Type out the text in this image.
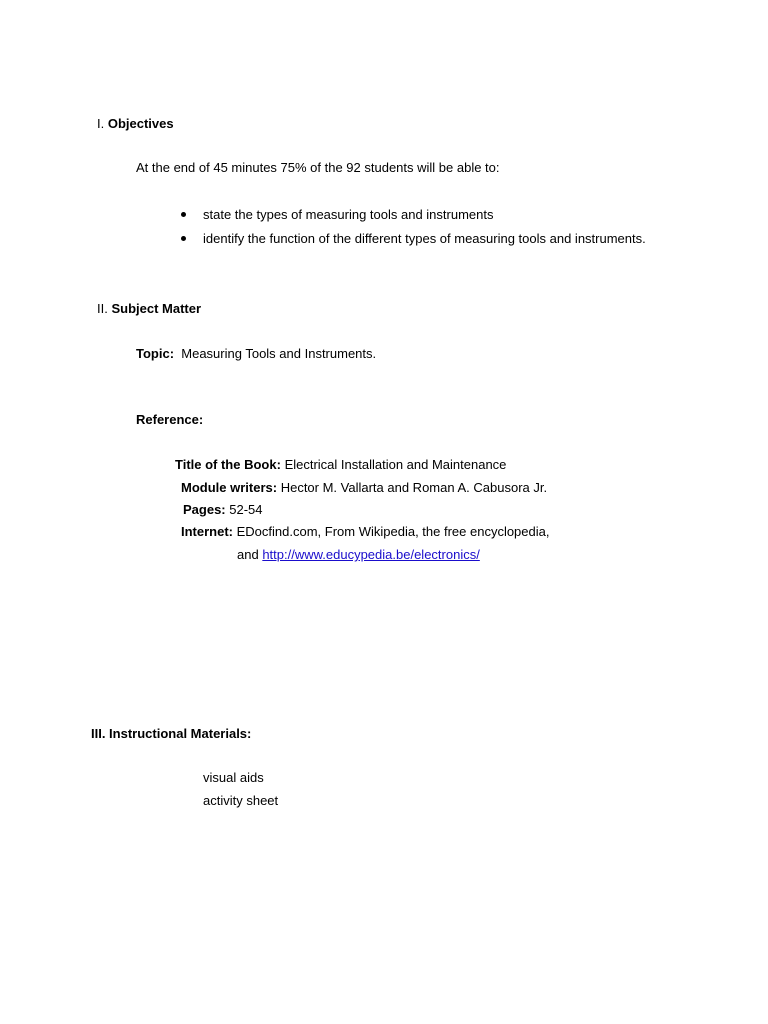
I. Objectives
At the end of 45 minutes 75% of the 92 students will be able to:
state the types of measuring tools and instruments
identify the function of the different types of measuring tools and instruments.
II. Subject Matter
Topic: Measuring Tools and Instruments.
Reference:
Title of the Book: Electrical Installation and Maintenance
Module writers: Hector M. Vallarta and Roman A. Cabusora Jr.
Pages: 52-54
Internet: EDocfind.com, From Wikipedia, the free encyclopedia,
and http://www.educypedia.be/electronics/
III. Instructional Materials:
visual aids
activity sheet
